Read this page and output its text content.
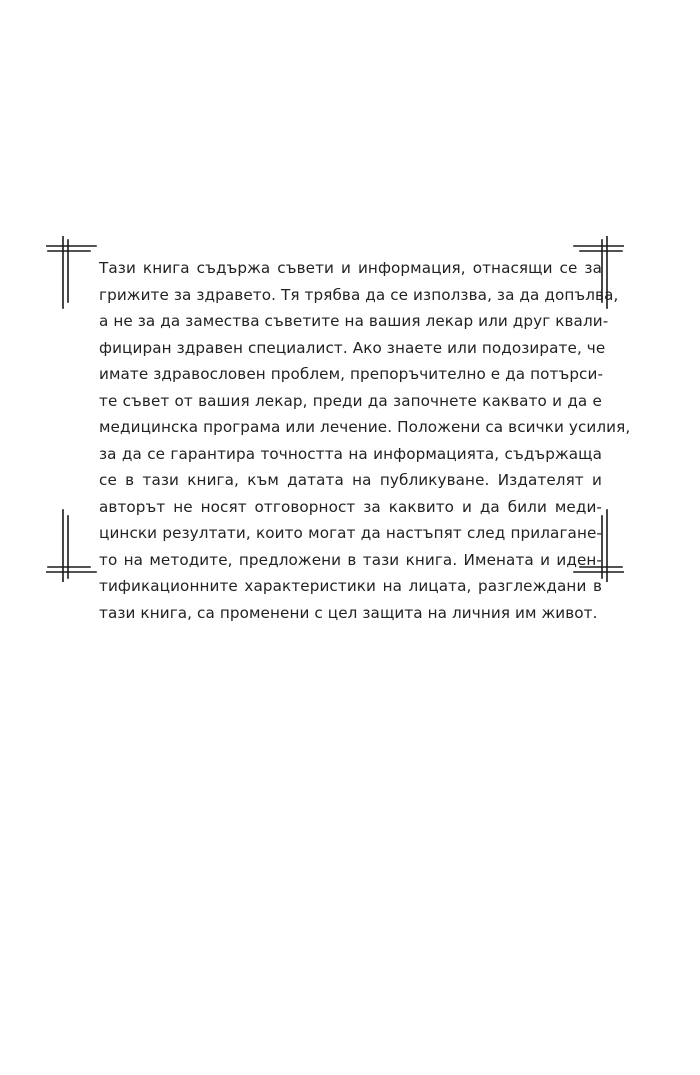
Тази книга съдържа съвети и информация, отнасящи се за
грижите за здравето. Тя трябва да се използва, за да допълва,
а не за да замества съветите на вашия лекар или друг квали-
фициран здравен специалист. Ако знаете или подозирате, че
имате здравословен проблем, препоръчително е да потърси-
те съвет от вашия лекар, преди да започнете каквато и да е
медицинска програма или лечение. Положени са всички усилия,
за да се гарантира точността на информацията, съдържаща
се в тази книга, към датата на публикуване. Издателят и
авторът не носят отговорност за каквито и да били меди-
цински резултати, които могат да настъпят след прилагане-
то на методите, предложени в тази книга. Имената и иден-
тификационните характеристики на лицата, разглеждани в
тази книга, са променени с цел защита на личния им живот.
